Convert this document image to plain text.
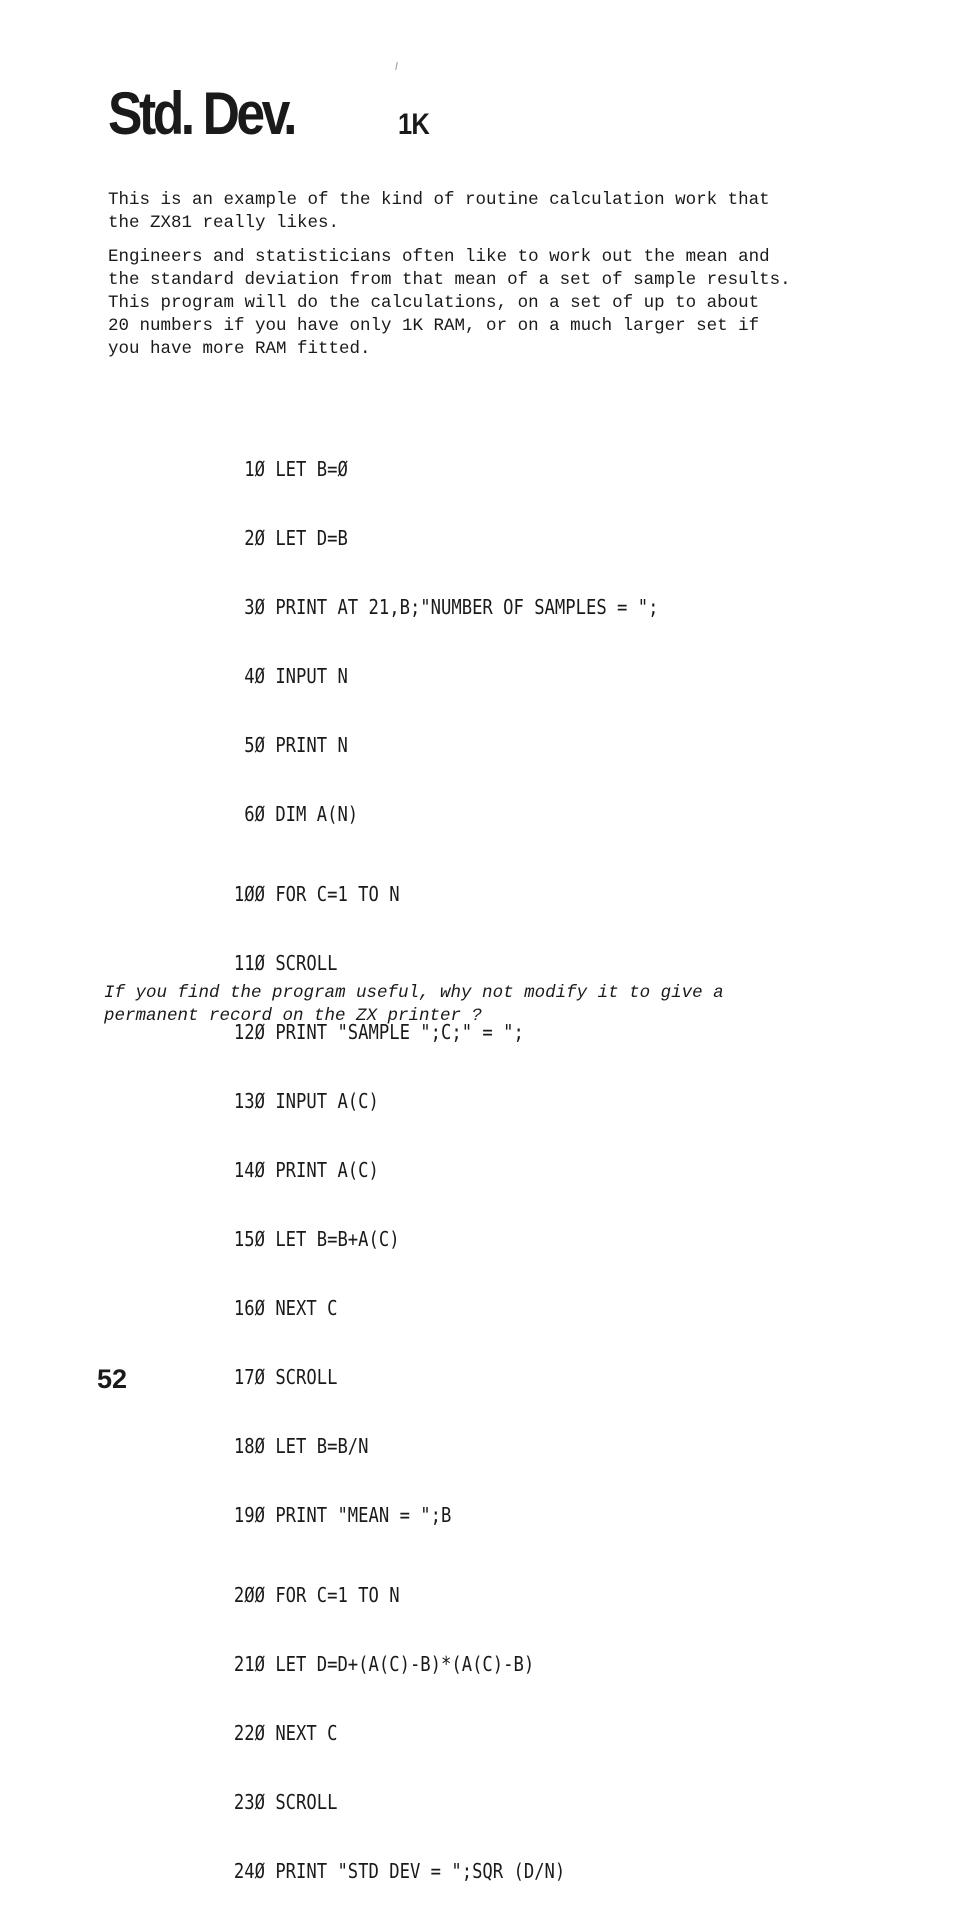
Std. Dev.	1K

This is an example of the kind of routine calculation work that
the ZX81 really likes.

Engineers and statisticians often like to work out the mean and
the standard deviation from that mean of a set of sample results.
This program will do the calculations, on a set of up to about
20 numbers if you have only 1K RAM, or on a much larger set if
you have more RAM fitted.

1Ø LET B=Ø

2Ø LET D=B

3Ø PRINT AT 21,B;"NUMBER OF SAMPLES = ";

4Ø INPUT N

5Ø PRINT N

6Ø DIM A(N)

1ØØ FOR C=1 TO N

11Ø SCROLL

12Ø PRINT "SAMPLE ";C;" = ";

13Ø INPUT A(C)

14Ø PRINT A(C)

15Ø LET B=B+A(C)

16Ø NEXT C

17Ø SCROLL

18Ø LET B=B/N

19Ø PRINT "MEAN = ";B

2ØØ FOR C=1 TO N

21Ø LET D=D+(A(C)-B)*(A(C)-B)

22Ø NEXT C

23Ø SCROLL

24Ø PRINT "STD DEV = ";SQR (D/N)

If you find the program useful, why not modify it to give a
permanent record on the ZX printer ?

52
